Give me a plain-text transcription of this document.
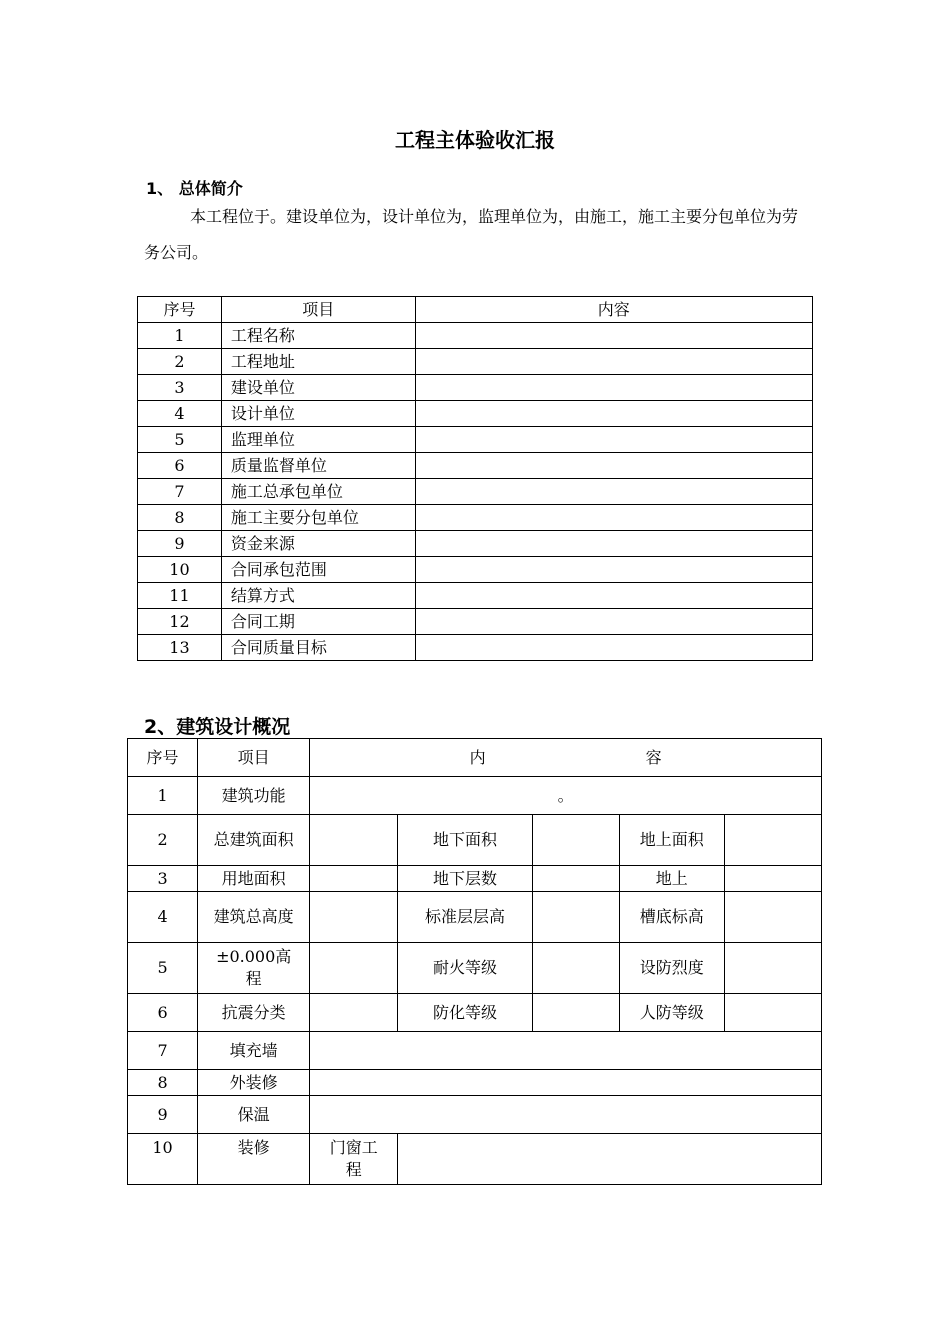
工程主体验收汇报
1、 总体简介
本工程位于。建设单位为，设计单位为，监理单位为，由施工，施工主要分包单位为劳务公司。
序号	项目	内容
1	工程名称	
2	工程地址	
3	建设单位	
4	设计单位	
5	监理单位	
6	质量监督单位	
7	施工总承包单位	
8	施工主要分包单位	
9	资金来源	
10	合同承包范围	
11	结算方式	
12	合同工期	
13	合同质量目标	
2、建筑设计概况
序号	项目	内 容				
1	建筑功能	。				
2	总建筑面积		地下面积		地上面积	
3	用地面积		地下层数		地上	
4	建筑总高度		标准层层高		槽底标高	
5	±0.000高程		耐火等级		设防烈度	
6	抗震分类		防化等级		人防等级	
7	填充墙					
8	外装修					
9	保温					
10	装修	门窗工程				
